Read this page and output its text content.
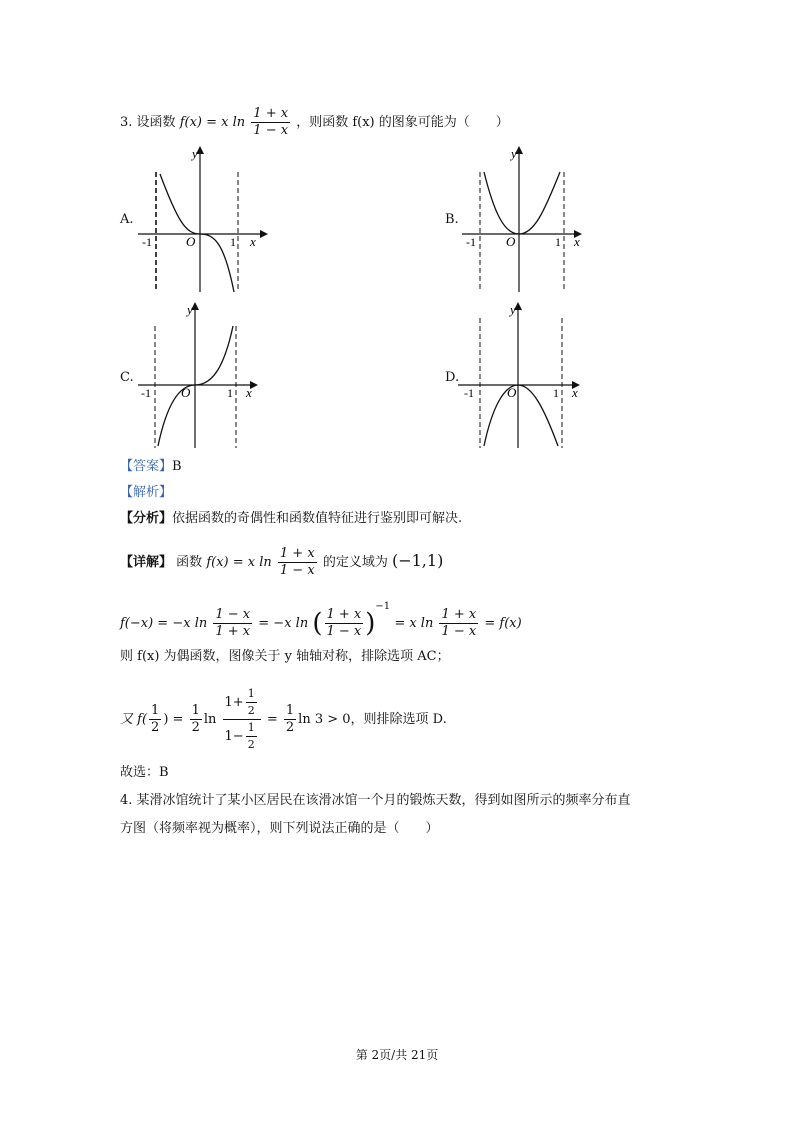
3. 设函数 f(x) = x $\ln \frac{1 + x}{1 - x}$ ，则函数 f(x) 的图象可能为（　　）
A.
y
x
O
-1	1
B.
y
x
O
-1	1
C.
y
x
O
-1	1
D.
y
x
O
-1	1
【答案】B
【解析】
【分析】依据函数的奇偶性和函数值特征进行鉴别即可解决.
【详解】 函数 f(x) = x $\ln \frac{1 + x}{1 - x}$ 的定义域为 (−1,1)
f(−x) = −x $\ln \frac{1 - x}{1 + x} = -x$ ln ( $\frac{1 + x}{1 - x} )^{-1} = x$ $\ln \frac{1 + x}{1 - x} = f(x)$
则 f(x) 为偶函数，图像关于 y 轴轴对称，排除选项 AC；
又 $f( \frac{1}{2}$ ) = $\frac{1}{2}$ $\ln \frac{1+ \frac{1}{2}}{1- \frac{1}{2}} = \frac{1}{2}$ ln 3 > 0，则排除选项 D.
故选：B
4. 某滑冰馆统计了某小区居民在该滑冰馆一个月的锻炼天数，得到如图所示的频率分布直
方图（将频率视为概率），则下列说法正确的是（　　）
第 2页/共 21页
